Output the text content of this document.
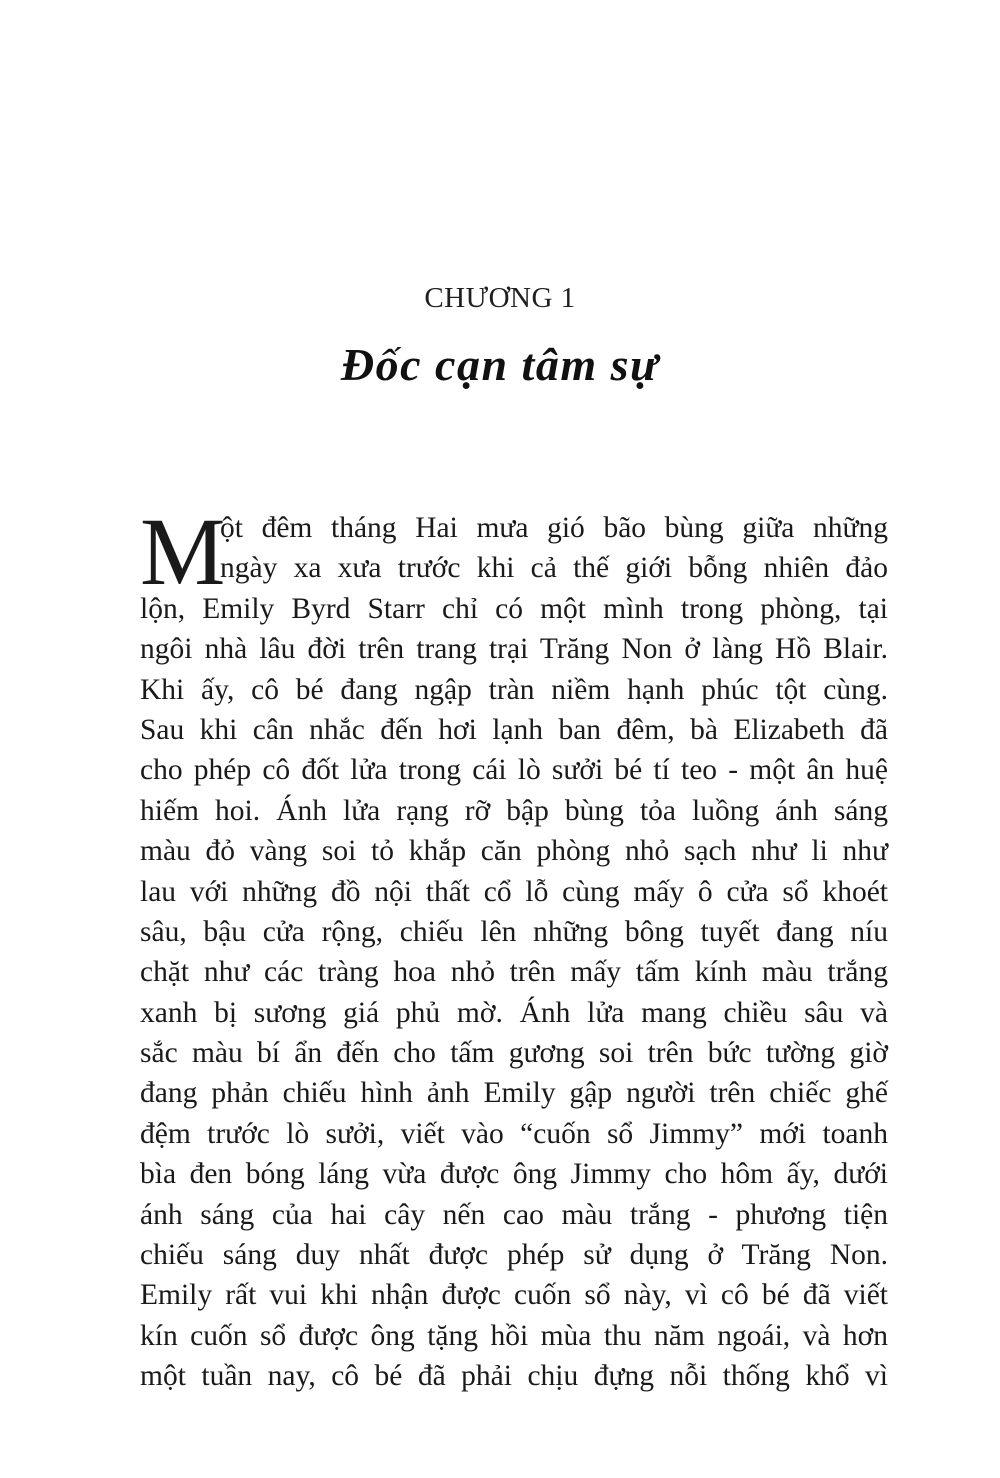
CHƯƠNG 1
Đốc cạn tâm sự
M
ột đêm tháng Hai mưa gió bão bùng giữa những
ngày xa xưa trước khi cả thế giới bỗng nhiên đảo
lộn, Emily Byrd Starr chỉ có một mình trong phòng, tại
ngôi nhà lâu đời trên trang trại Trăng Non ở làng Hồ Blair.
Khi ấy, cô bé đang ngập tràn niềm hạnh phúc tột cùng.
Sau khi cân nhắc đến hơi lạnh ban đêm, bà Elizabeth đã
cho phép cô đốt lửa trong cái lò sưởi bé tí teo - một ân huệ
hiếm hoi. Ánh lửa rạng rỡ bập bùng tỏa luồng ánh sáng
màu đỏ vàng soi tỏ khắp căn phòng nhỏ sạch như li như
lau với những đồ nội thất cổ lỗ cùng mấy ô cửa sổ khoét
sâu, bậu cửa rộng, chiếu lên những bông tuyết đang níu
chặt như các tràng hoa nhỏ trên mấy tấm kính màu trắng
xanh bị sương giá phủ mờ. Ánh lửa mang chiều sâu và
sắc màu bí ẩn đến cho tấm gương soi trên bức tường giờ
đang phản chiếu hình ảnh Emily gập người trên chiếc ghế
đệm trước lò sưởi, viết vào “cuốn sổ Jimmy” mới toanh
bìa đen bóng láng vừa được ông Jimmy cho hôm ấy, dưới
ánh sáng của hai cây nến cao màu trắng - phương tiện
chiếu sáng duy nhất được phép sử dụng ở Trăng Non.
Emily rất vui khi nhận được cuốn sổ này, vì cô bé đã viết
kín cuốn sổ được ông tặng hồi mùa thu năm ngoái, và hơn
một tuần nay, cô bé đã phải chịu đựng nỗi thống khổ vì
